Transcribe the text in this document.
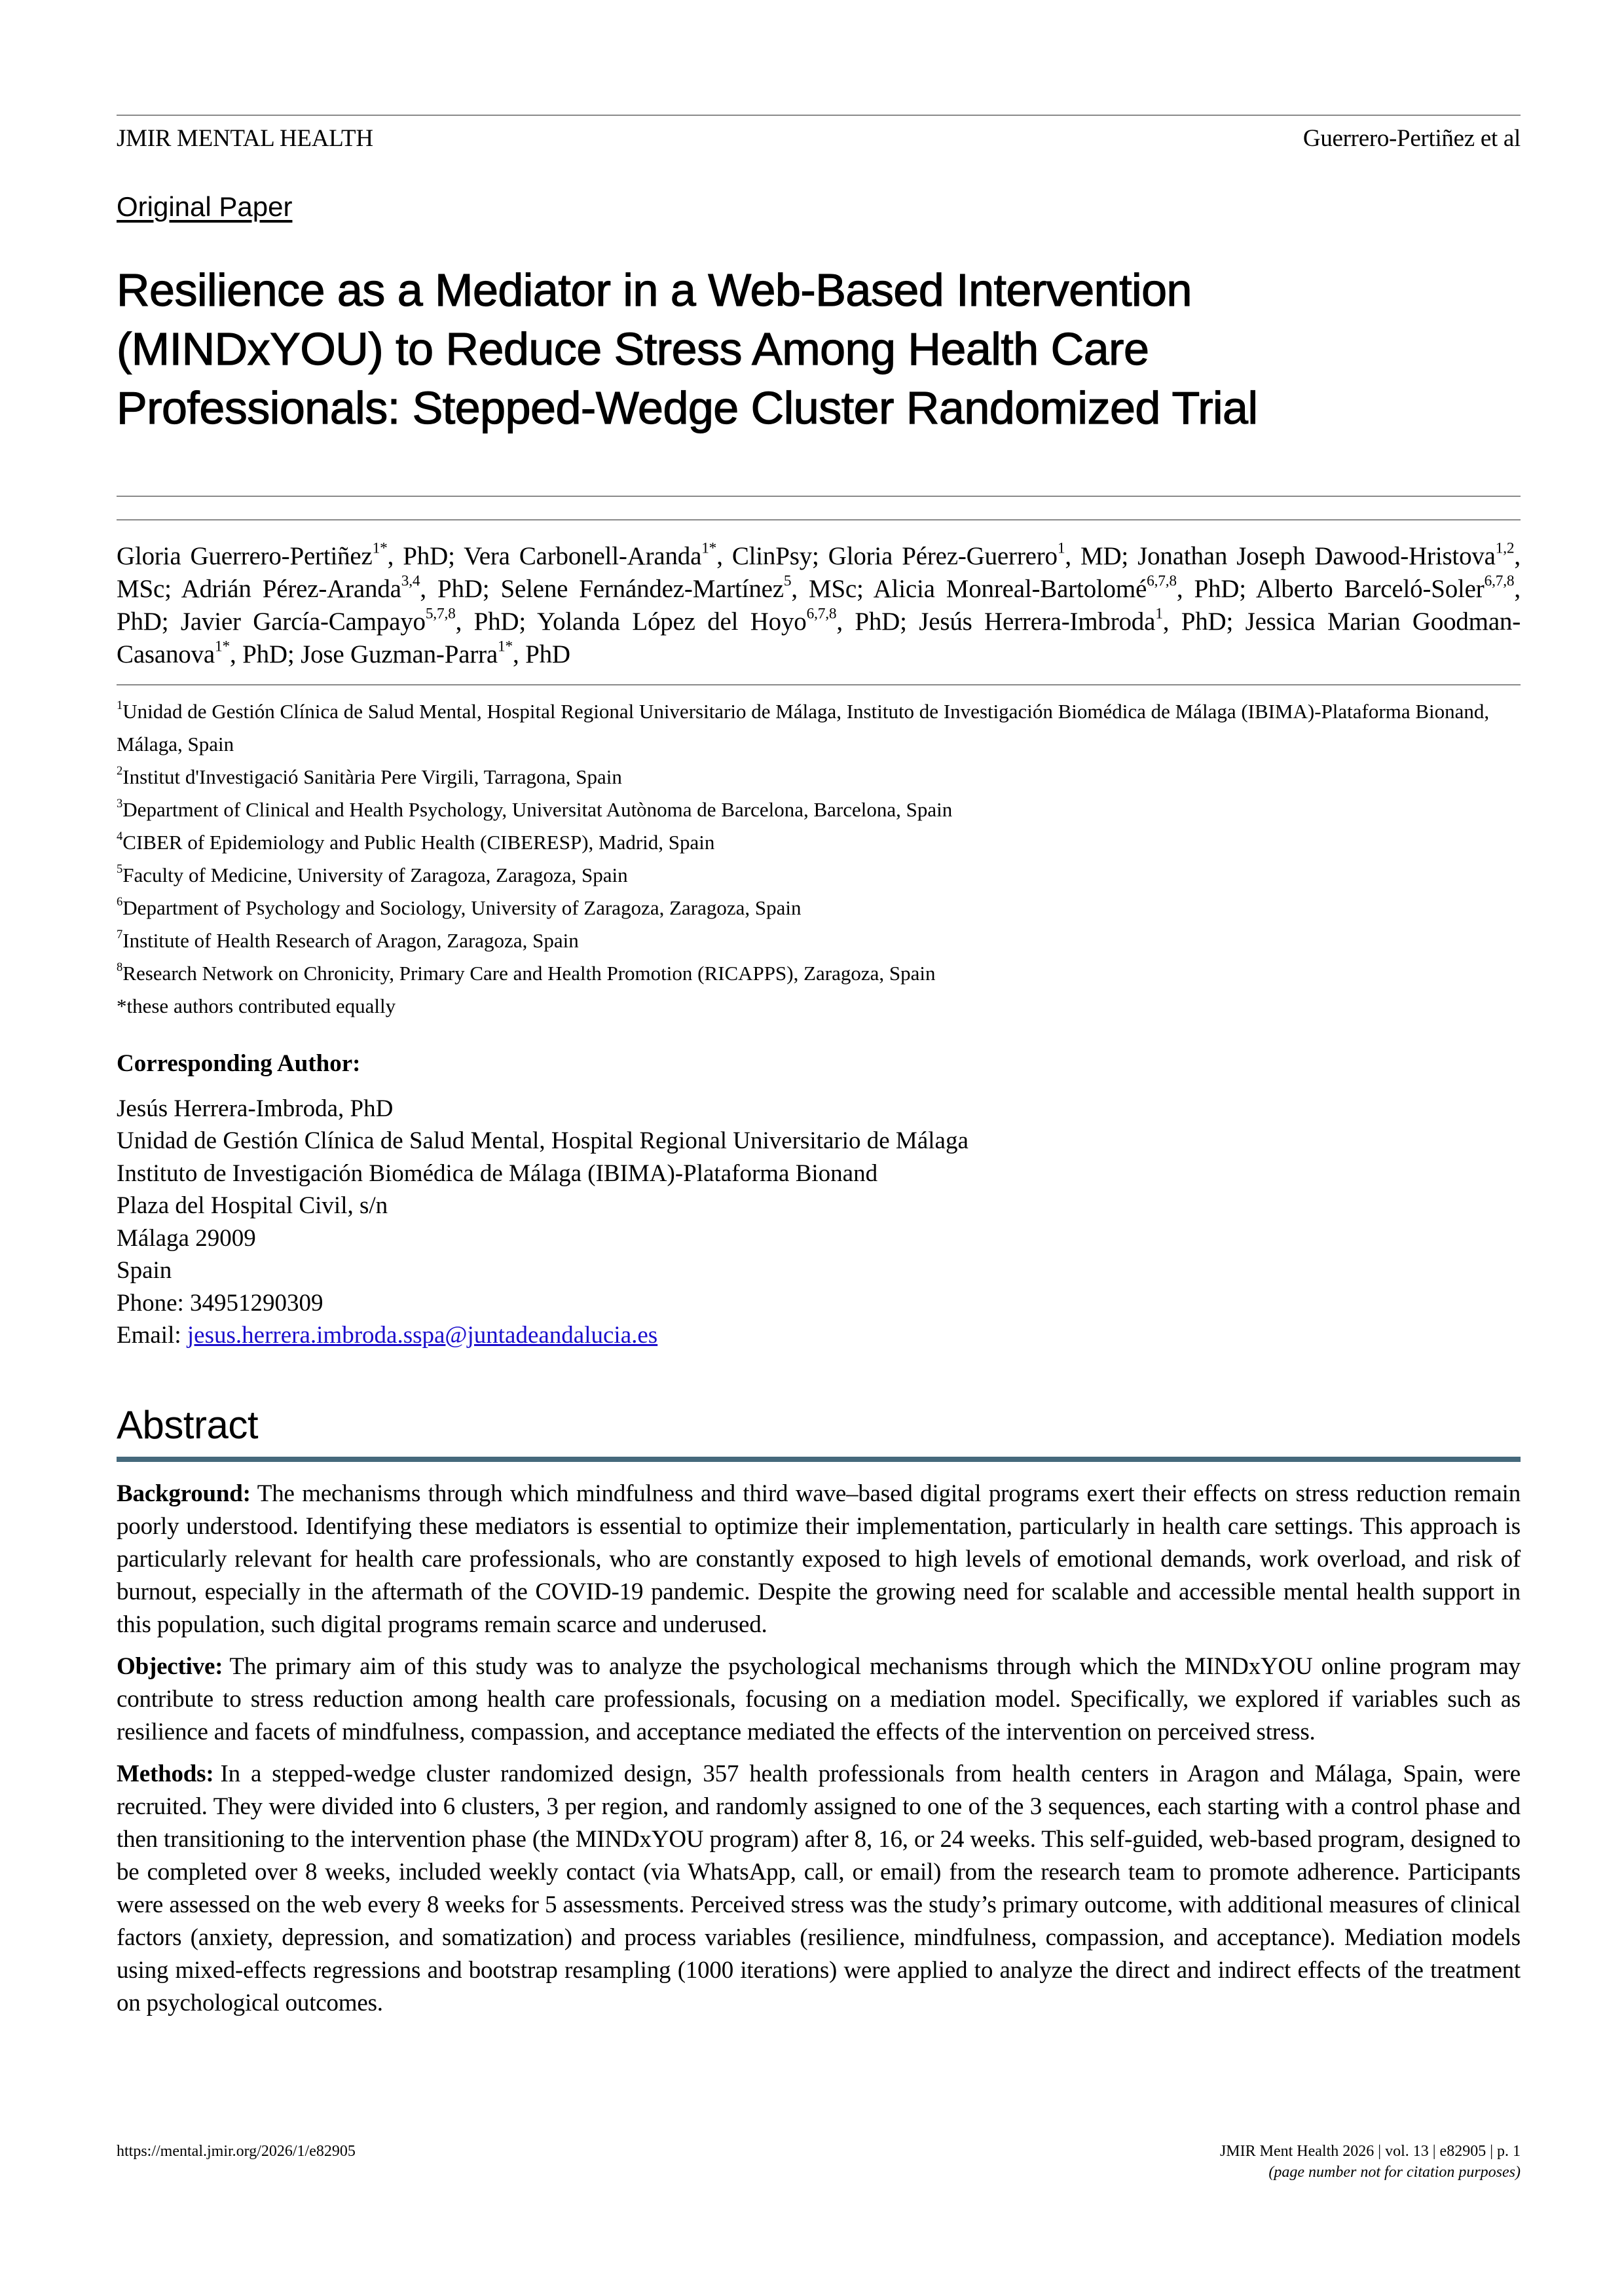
JMIR MENTAL HEALTH	Guerrero-Pertiñez et al
Original Paper
Resilience as a Mediator in a Web-Based Intervention
(MINDxYOU) to Reduce Stress Among Health Care
Professionals: Stepped-Wedge Cluster Randomized Trial
Gloria Guerrero-Pertiñez$^{1*}$, PhD; Vera Carbonell-Aranda$^{1*}$, ClinPsy; Gloria Pérez-Guerrero$^1$, MD; Jonathan Joseph Dawood-Hristova$^{1,2}$, MSc; Adrián Pérez-Aranda$^{3,4}$, PhD; Selene Fernández-Martínez$^5$, MSc; Alicia Monreal-Bartolomé$^{6,7,8}$, PhD; Alberto Barceló-Soler$^{6,7,8}$, PhD; Javier García-Campayo$^{5,7,8}$, PhD; Yolanda López del Hoyo$^{6,7,8}$, PhD; Jesús Herrera-Imbroda$^1$, PhD; Jessica Marian Goodman-Casanova$^{1*}$, PhD; Jose Guzman-Parra$^{1*}$, PhD
$^1$Unidad de Gestión Clínica de Salud Mental, Hospital Regional Universitario de Málaga, Instituto de Investigación Biomédica de Málaga (IBIMA)-Plataforma Bionand, Málaga, Spain
$^2$Institut d'Investigació Sanitària Pere Virgili, Tarragona, Spain
$^3$Department of Clinical and Health Psychology, Universitat Autònoma de Barcelona, Barcelona, Spain
$^4$CIBER of Epidemiology and Public Health (CIBERESP), Madrid, Spain
$^5$Faculty of Medicine, University of Zaragoza, Zaragoza, Spain
$^6$Department of Psychology and Sociology, University of Zaragoza, Zaragoza, Spain
$^7$Institute of Health Research of Aragon, Zaragoza, Spain
$^8$Research Network on Chronicity, Primary Care and Health Promotion (RICAPPS), Zaragoza, Spain
*these authors contributed equally
Corresponding Author:
Jesús Herrera-Imbroda, PhD
Unidad de Gestión Clínica de Salud Mental, Hospital Regional Universitario de Málaga
Instituto de Investigación Biomédica de Málaga (IBIMA)-Plataforma Bionand
Plaza del Hospital Civil, s/n
Málaga 29009
Spain
Phone: 34951290309
Email: jesus.herrera.imbroda.sspa@juntadeandalucia.es
Abstract

Background: The mechanisms through which mindfulness and third wave–based digital programs exert their effects on stress reduction remain poorly understood. Identifying these mediators is essential to optimize their implementation, particularly in health care settings. This approach is particularly relevant for health care professionals, who are constantly exposed to high levels of emotional demands, work overload, and risk of burnout, especially in the aftermath of the COVID-19 pandemic. Despite the growing need for scalable and accessible mental health support in this population, such digital programs remain scarce and underused.

Objective: The primary aim of this study was to analyze the psychological mechanisms through which the MINDxYOU online program may contribute to stress reduction among health care professionals, focusing on a mediation model. Specifically, we explored if variables such as resilience and facets of mindfulness, compassion, and acceptance mediated the effects of the intervention on perceived stress.

Methods: In a stepped-wedge cluster randomized design, 357 health professionals from health centers in Aragon and Málaga, Spain, were recruited. They were divided into 6 clusters, 3 per region, and randomly assigned to one of the 3 sequences, each starting with a control phase and then transitioning to the intervention phase (the MINDxYOU program) after 8, 16, or 24 weeks. This self-guided, web-based program, designed to be completed over 8 weeks, included weekly contact (via WhatsApp, call, or email) from the research team to promote adherence. Participants were assessed on the web every 8 weeks for 5 assessments. Perceived stress was the study’s primary outcome, with additional measures of clinical factors (anxiety, depression, and somatization) and process variables (resilience, mindfulness, compassion, and acceptance). Mediation models using mixed-effects regressions and bootstrap resampling (1000 iterations) were applied to analyze the direct and indirect effects of the treatment on psychological outcomes.

https://mental.jmir.org/2026/1/e82905	JMIR Ment Health 2026 | vol. 13 | e82905 | p. 1
(page number not for citation purposes)
